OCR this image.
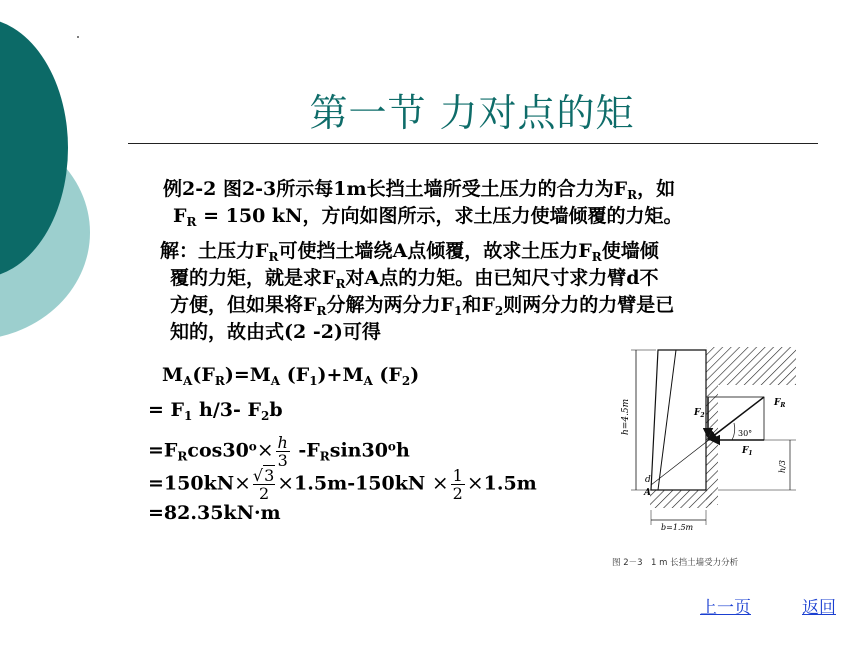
第一节 力对点的矩

例2-2 图2-3所示每1m长挡土墙所受土压力的合力为$F_R$，如
$F_R = 150$ kN，方向如图所示，求土压力使墙倾覆的力矩。

解：土压力$F_R$可使挡土墙绕A点倾覆，故求土压力$F_R$使墙倾
覆的力矩，就是求$F_R$对A点的力矩。由已知尺寸求力臂d不
方便，但如果将$F_R$分解为两分力$F_1$和$F_2$则两分力的力臂是已
知的，故由式(2 -2)可得

$M_A(F_R)=M_A$ $(F_1)+M_A$ $(F_2)$
= $F_1$ h/3- $F_2b$
$=F_R\cos 30^o\times \frac{h}{3} -F_R\sin 30^oh$
$=150kN\times \frac{√3}{2} \times 1.5m-150kN \times \frac{1}{2} \times 1.5m$
=82.35kN·m
h=4.5m	30°
$F_R$
$F_2$
$F_1$
d
A
h/3
b=1.5m
图 2－3　1 m 长挡土墙受力分析
上一页	返回
